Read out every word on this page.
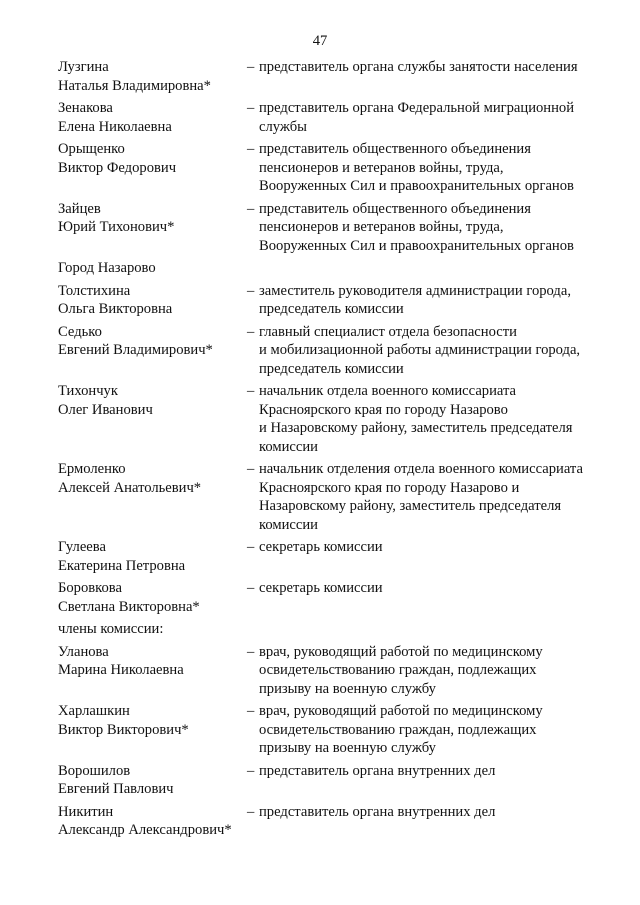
47
Лузгина
Наталья Владимировна*
– представитель органа службы занятости населения
Зенакова
Елена Николаевна
– представитель органа Федеральной миграционной
службы
Орыщенко
Виктор Федорович
– представитель общественного объединения
пенсионеров и ветеранов войны, труда,
Вооруженных Сил и правоохранительных органов
Зайцев
Юрий Тихонович*
– представитель общественного объединения
пенсионеров и ветеранов войны, труда,
Вооруженных Сил и правоохранительных органов
Город Назарово
Толстихина
Ольга Викторовна
– заместитель руководителя администрации города,
председатель комиссии
Седько
Евгений Владимирович*
– главный специалист отдела безопасности
и мобилизационной работы администрации города,
председатель комиссии
Тихончук
Олег Иванович
– начальник отдела военного комиссариата
Красноярского края по городу Назарово
и Назаровскому району, заместитель председателя
комиссии
Ермоленко
Алексей Анатольевич*
– начальник отделения отдела военного комиссариата
Красноярского края по городу Назарово и
Назаровскому району, заместитель председателя
комиссии
Гулеева
Екатерина Петровна
– секретарь комиссии
Боровкова
Светлана Викторовна*
– секретарь комиссии
члены комиссии:
Уланова
Марина Николаевна
– врач, руководящий работой по медицинскому
освидетельствованию граждан, подлежащих
призыву на военную службу
Харлашкин
Виктор Викторович*
– врач, руководящий работой по медицинскому
освидетельствованию граждан, подлежащих
призыву на военную службу
Ворошилов
Евгений Павлович
– представитель органа внутренних дел
Никитин
Александр Александрович*
– представитель органа внутренних дел
